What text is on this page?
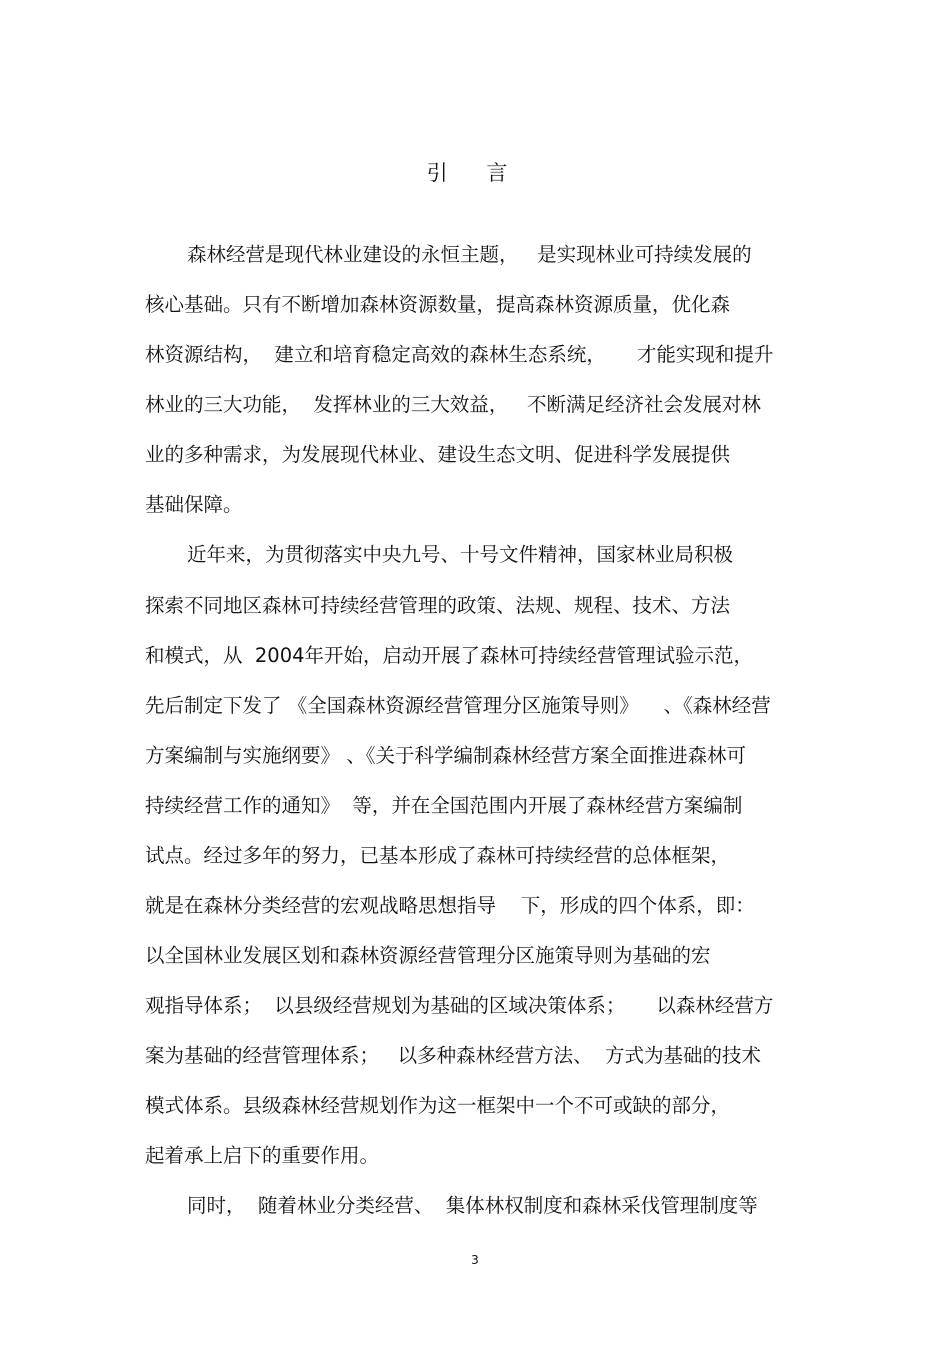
引 言
森林经营是现代林业建设的永恒主题，   是实现林业可持续发展的
核心基础。只有不断增加森林资源数量，提高森林资源质量，优化森
林资源结构，  建立和培育稳定高效的森林生态系统，     才能实现和提升
林业的三大功能，  发挥林业的三大效益，   不断满足经济社会发展对林
业的多种需求，为发展现代林业、建设生态文明、促进科学发展提供
基础保障。
近年来，为贯彻落实中央九号、十号文件精神，国家林业局积极
探索不同地区森林可持续经营管理的政策、法规、规程、技术、方法
和模式，从  2004年开始，启动开展了森林可持续经营管理试验示范，
先后制定下发了 《全国森林资源经营管理分区施策导则》    、《森林经营
方案编制与实施纲要》 、《关于科学编制森林经营方案全面推进森林可
持续经营工作的通知》  等，并在全国范围内开展了森林经营方案编制
试点。经过多年的努力，已基本形成了森林可持续经营的总体框架，
就是在森林分类经营的宏观战略思想指导    下，形成的四个体系，即：
以全国林业发展区划和森林资源经营管理分区施策导则为基础的宏
观指导体系；  以县级经营规划为基础的区域决策体系；     以森林经营方
案为基础的经营管理体系；   以多种森林经营方法、  方式为基础的技术
模式体系。县级森林经营规划作为这一框架中一个不可或缺的部分，
起着承上启下的重要作用。
同时，  随着林业分类经营、  集体林权制度和森林采伐管理制度等
3
